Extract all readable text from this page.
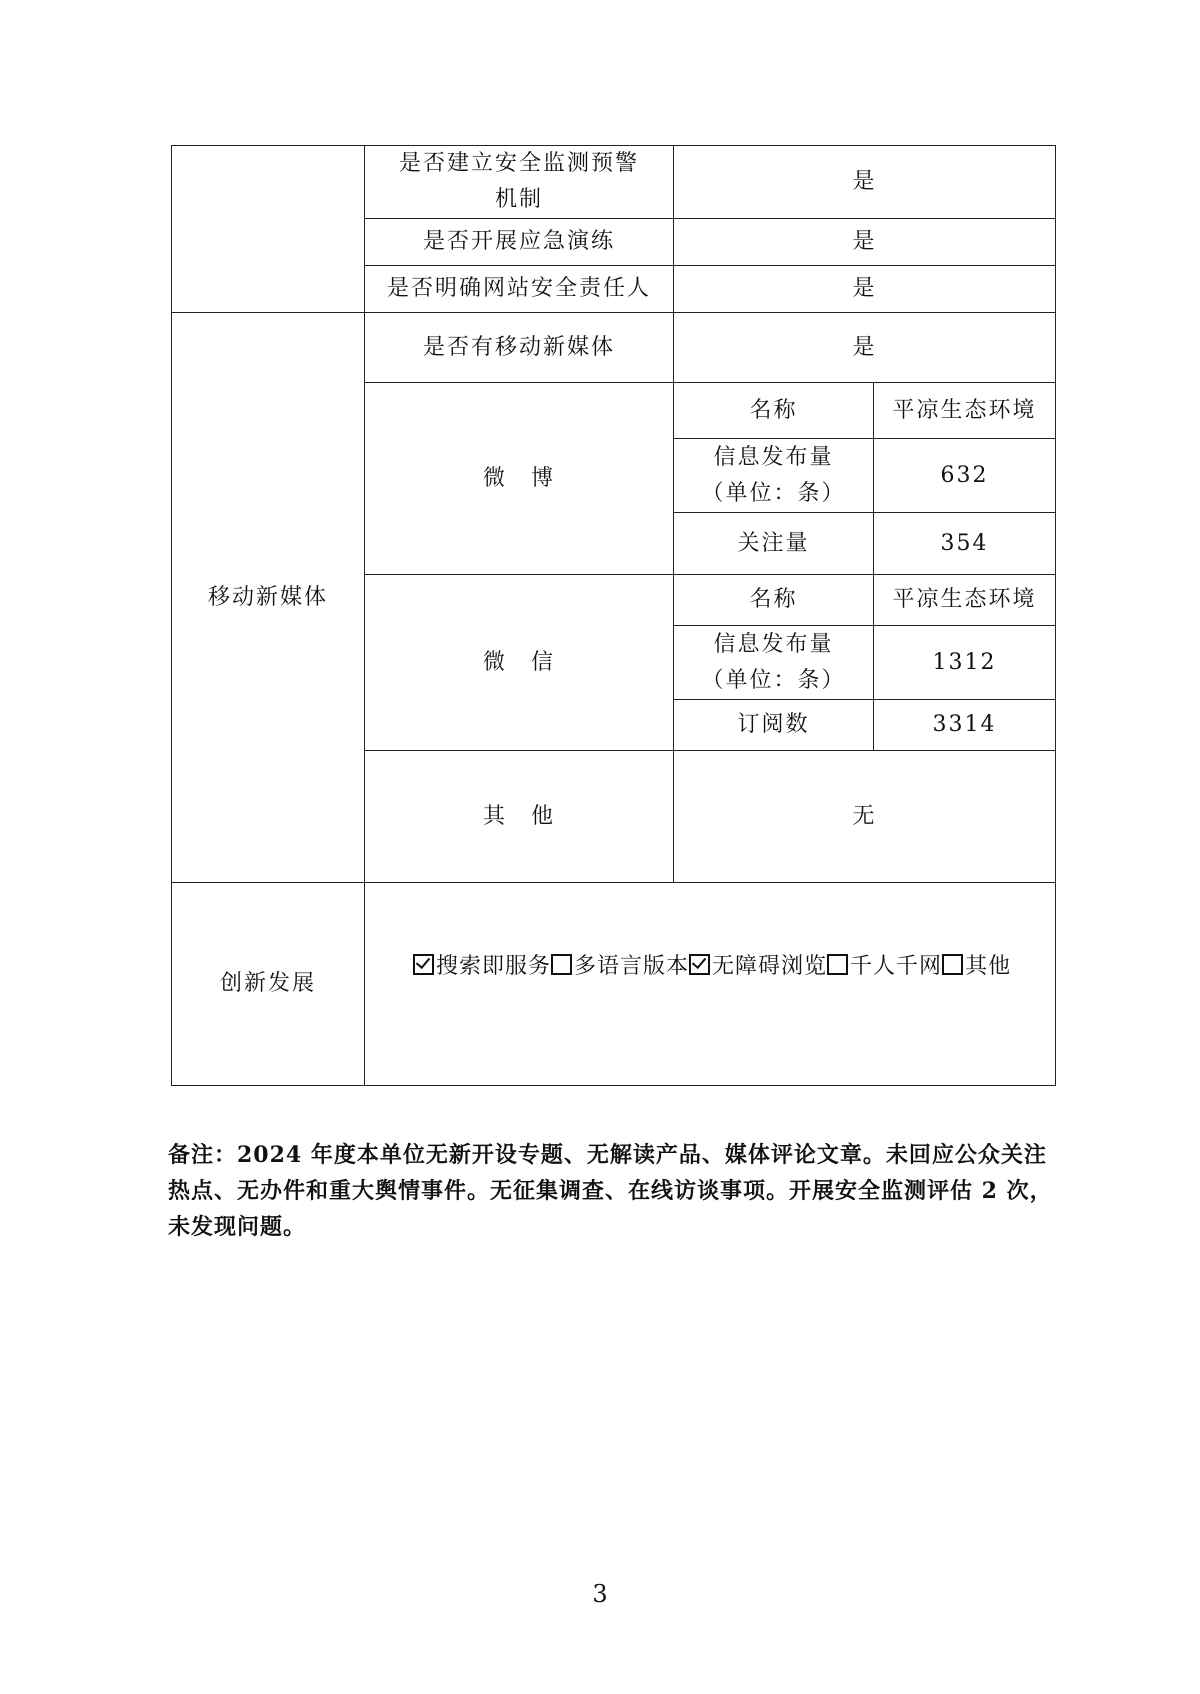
	是否建立安全监测预警
机制	是	
	是否开展应急演练	是	
	是否明确网站安全责任人	是	
移动新媒体	是否有移动新媒体	是	
	微　博	名称	平凉生态环境
		信息发布量
（单位：条）	632
		关注量	354
	微　信	名称	平凉生态环境
		信息发布量
（单位：条）	1312
		订阅数	3314
	其　他	无	
创新发展	搜索即服务 多语言版本 无障碍浏览 千人千网 其他		
备注：2024 年度本单位无新开设专题、无解读产品、媒体评论文章。未回应公众关注热点、无办件和重大舆情事件。无征集调查、在线访谈事项。开展安全监测评估 2 次，未发现问题。
3
